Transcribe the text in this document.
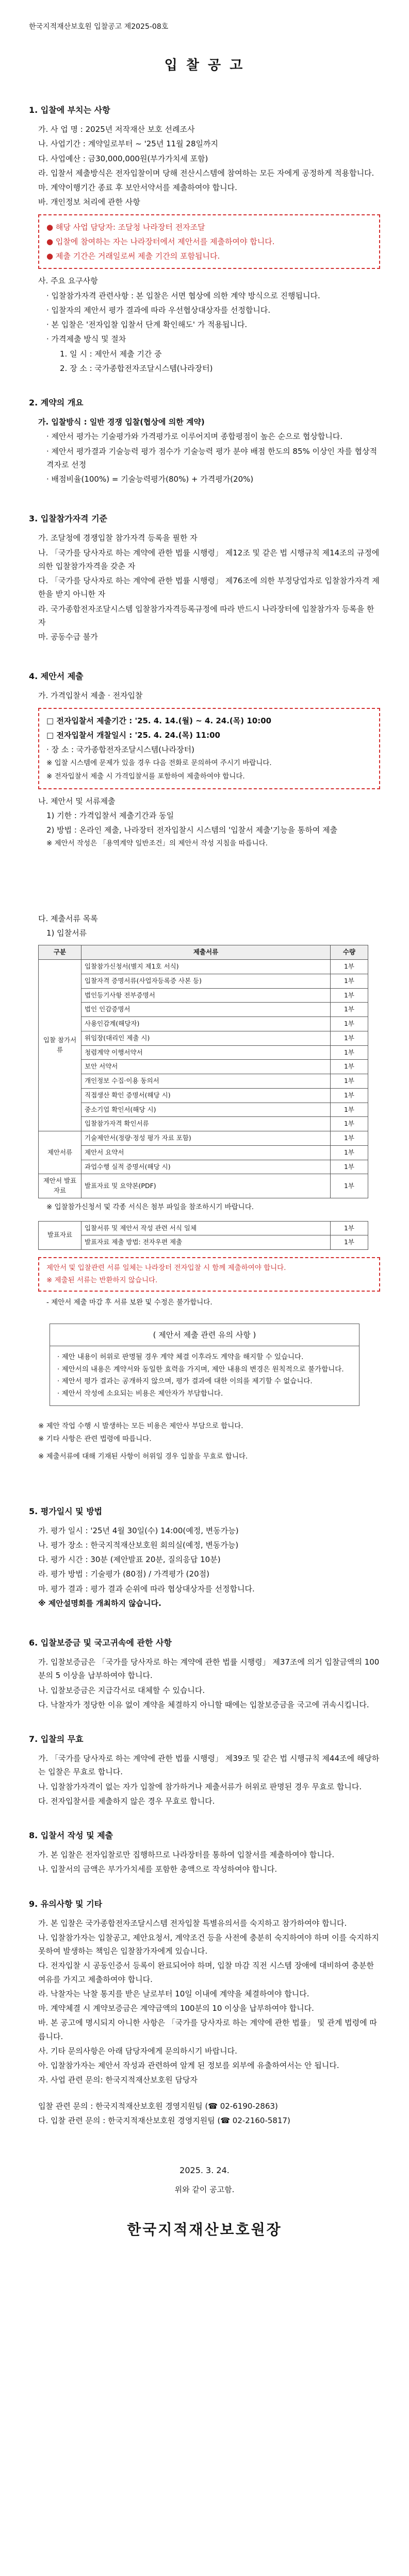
한국지적재산보호원 입찰공고 제2025-08호
입 찰 공 고
1. 입찰에 부치는 사항
가. 사 업 명 : 2025년 저작재산 보호 선례조사
나. 사업기간 : 계약일로부터 ~ '25년 11월 28일까지
다. 사업예산 : 금30,000,000원(부가가치세 포함)
라. 입찰서 제출방식은 전자입찰이며 당해 전산시스템에 참여하는 모든 자에게 공정하게 적용합니다.
마. 계약이행기간 종료 후 보안서약서를 제출하여야 합니다.
바. 개인정보 처리에 관한 사항
● 해당 사업 담당자: 조달청 나라장터 전자조달
● 입찰에 참여하는 자는 나라장터에서 제안서를 제출하여야 합니다.
● 제출 기간은 거래일로써 제출 기간의 포함됩니다.
사. 주요 요구사항
· 입찰참가자격 관련사항 : 본 입찰은 서면 협상에 의한 계약 방식으로 진행됩니다.
· 입찰자의 제안서 평가 결과에 따라 우선협상대상자를 선정합니다.
· 본 입찰은 '전자입찰 입찰서 단계 확인해도' 가 적용됩니다.
· 가격제출 방식 및 절차
1. 일 시 : 제안서 제출 기간 중
2. 장 소 : 국가종합전자조달시스템(나라장터)
2. 계약의 개요
가. 입찰방식 : 일반 경쟁 입찰(협상에 의한 계약)
· 제안서 평가는 기술평가와 가격평가로 이루어지며 종합평점이 높은 순으로 협상합니다.
· 제안서 평가결과 기술능력 평가 점수가 기술능력 평가 분야 배점 한도의 85% 이상인 자를 협상적격자로 선정
· 배점비율(100%) = 기술능력평가(80%) + 가격평가(20%)
3. 입찰참가자격 기준
가. 조달청에 경쟁입찰 참가자격 등록을 필한 자
나. 「국가를 당사자로 하는 계약에 관한 법률 시행령」 제12조 및 같은 법 시행규칙 제14조의 규정에 의한 입찰참가자격을 갖춘 자
다. 「국가를 당사자로 하는 계약에 관한 법률 시행령」 제76조에 의한 부정당업자로 입찰참가자격 제한을 받지 아니한 자
라. 국가종합전자조달시스템 입찰참가자격등록규정에 따라 반드시 나라장터에 입찰참가자 등록을 한 자
마. 공동수급 불가
4. 제안서 제출
가. 가격입찰서 제출 · 전자입찰
□ 전자입찰서 제출기간 : '25. 4. 14.(월) ~ 4. 24.(목) 10:00
□ 전자입찰서 개찰일시 : '25. 4. 24.(목) 11:00
· 장 소 : 국가종합전자조달시스템(나라장터)
※ 입찰 시스템에 문제가 있을 경우 다음 전화로 문의하여 주시기 바랍니다.
※ 전자입찰서 제출 시 가격입찰서를 포함하여 제출하여야 합니다.
나. 제안서 및 서류제출
1) 기한 : 가격입찰서 제출기간과 동일
2) 방법 : 온라인 제출, 나라장터 전자입찰시 시스템의 '입찰서 제출'기능을 통하여 제출
※ 제안서 작성은 「용역계약 일반조건」의 제안서 작성 지침을 따릅니다.
다. 제출서류 목록
1) 입찰서류
구분	제출서류	수량
입찰 참가서류	입찰참가신청서(별지 제1호 서식)	1부
	입찰자격 증명서류(사업자등록증 사본 등)	1부
	법인등기사항 전부증명서	1부
	법인 인감증명서	1부
	사용인감계(해당자)	1부
	위임장(대리인 제출 시)	1부
	청렴계약 이행서약서	1부
	보안 서약서	1부
	개인정보 수집·이용 동의서	1부
	직접생산 확인 증명서(해당 시)	1부
	중소기업 확인서(해당 시)	1부
	입찰참가자격 확인서류	1부
제안서류	기술제안서(정량·정성 평가 자료 포함)	1부
	제안서 요약서	1부
	과업수행 실적 증명서(해당 시)	1부
제안서 발표자료	발표자료 및 요약본(PDF)	1부
※ 입찰참가신청서 및 각종 서식은 첨부 파일을 참조하시기 바랍니다.
발표자료	입찰서류 및 제안서 작성 관련 서식 일체	1부
	발표자료 제출 방법: 전자우편 제출	1부
제안서 및 입찰관련 서류 일체는 나라장터 전자입찰 시 함께 제출하여야 합니다.
※ 제출된 서류는 반환하지 않습니다.
- 제안서 제출 마감 후 서류 보완 및 수정은 불가합니다.
( 제안서 제출 관련 유의 사항 )
· 제안 내용이 허위로 판명될 경우 계약 체결 이후라도 계약을 해지할 수 있습니다.
· 제안서의 내용은 계약서와 동일한 효력을 가지며, 제안 내용의 변경은 원칙적으로 불가합니다.
· 제안서 평가 결과는 공개하지 않으며, 평가 결과에 대한 이의를 제기할 수 없습니다.
· 제안서 작성에 소요되는 비용은 제안자가 부담합니다.
※ 제안 작업 수행 시 발생하는 모든 비용은 제안사 부담으로 합니다.
※ 기타 사항은 관련 법령에 따릅니다.
※ 제출서류에 대해 기재된 사항이 허위일 경우 입찰을 무효로 합니다.
5. 평가일시 및 방법
가. 평가 일시 : '25년 4월 30일(수) 14:00(예정, 변동가능)
나. 평가 장소 : 한국지적재산보호원 회의실(예정, 변동가능)
다. 평가 시간 : 30분 (제안발표 20분, 질의응답 10분)
라. 평가 방법 : 기술평가 (80점) / 가격평가 (20점)
마. 평가 결과 : 평가 결과 순위에 따라 협상대상자를 선정합니다.
※ 제안설명회를 개최하지 않습니다.
6. 입찰보증금 및 국고귀속에 관한 사항
가. 입찰보증금은 「국가를 당사자로 하는 계약에 관한 법률 시행령」 제37조에 의거 입찰금액의 100분의 5 이상을 납부하여야 합니다.
나. 입찰보증금은 지급각서로 대체할 수 있습니다.
다. 낙찰자가 정당한 이유 없이 계약을 체결하지 아니할 때에는 입찰보증금을 국고에 귀속시킵니다.
7. 입찰의 무효
가. 「국가를 당사자로 하는 계약에 관한 법률 시행령」 제39조 및 같은 법 시행규칙 제44조에 해당하는 입찰은 무효로 합니다.
나. 입찰참가자격이 없는 자가 입찰에 참가하거나 제출서류가 허위로 판명된 경우 무효로 합니다.
다. 전자입찰서를 제출하지 않은 경우 무효로 합니다.
8. 입찰서 작성 및 제출
가. 본 입찰은 전자입찰로만 집행하므로 나라장터를 통하여 입찰서를 제출하여야 합니다.
나. 입찰서의 금액은 부가가치세를 포함한 총액으로 작성하여야 합니다.
9. 유의사항 및 기타
가. 본 입찰은 국가종합전자조달시스템 전자입찰 특별유의서를 숙지하고 참가하여야 합니다.
나. 입찰참가자는 입찰공고, 제안요청서, 계약조건 등을 사전에 충분히 숙지하여야 하며 이를 숙지하지 못하여 발생하는 책임은 입찰참가자에게 있습니다.
다. 전자입찰 시 공동인증서 등록이 완료되어야 하며, 입찰 마감 직전 시스템 장애에 대비하여 충분한 여유를 가지고 제출하여야 합니다.
라. 낙찰자는 낙찰 통지를 받은 날로부터 10일 이내에 계약을 체결하여야 합니다.
마. 계약체결 시 계약보증금은 계약금액의 100분의 10 이상을 납부하여야 합니다.
바. 본 공고에 명시되지 아니한 사항은 「국가를 당사자로 하는 계약에 관한 법률」 및 관계 법령에 따릅니다.
사. 기타 문의사항은 아래 담당자에게 문의하시기 바랍니다.
아. 입찰참가자는 제안서 작성과 관련하여 알게 된 정보를 외부에 유출하여서는 안 됩니다.
자. 사업 관련 문의: 한국지적재산보호원 담당자
입찰 관련 문의 : 한국지적재산보호원 경영지원팀 (☎ 02-6190-2863)
다. 입찰 관련 문의 : 한국지적재산보호원 경영지원팀 (☎ 02-2160-5817)
2025. 3. 24.
위와 같이 공고함.
한국지적재산보호원장
